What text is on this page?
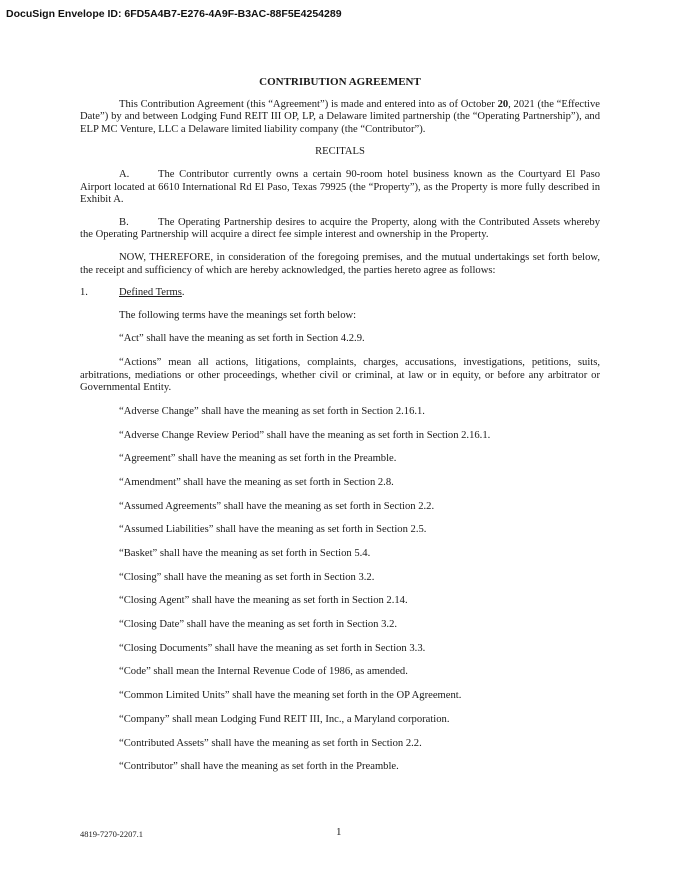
DocuSign Envelope ID: 6FD5A4B7-E276-4A9F-B3AC-88F5E4254289
CONTRIBUTION AGREEMENT

This Contribution Agreement (this “Agreement”) is made and entered into as of October 20, 2021 (the “Effective Date”) by and between Lodging Fund REIT III OP, LP, a Delaware limited partnership (the “Operating Partnership”), and ELP MC Venture, LLC a Delaware limited liability company (the “Contributor”).

RECITALS

A.	The Contributor currently owns a certain 90-room hotel business known as the Courtyard El Paso Airport located at 6610 International Rd El Paso, Texas 79925 (the “Property”), as the Property is more fully described in Exhibit A.

B.	The Operating Partnership desires to acquire the Property, along with the Contributed Assets whereby the Operating Partnership will acquire a direct fee simple interest and ownership in the Property.

NOW, THEREFORE, in consideration of the foregoing premises, and the mutual undertakings set forth below, the receipt and sufficiency of which are hereby acknowledged, the parties hereto agree as follows:

1.	Defined Terms.

The following terms have the meanings set forth below:

“Act” shall have the meaning as set forth in Section 4.2.9.

“Actions” mean all actions, litigations, complaints, charges, accusations, investigations, petitions, suits, arbitrations, mediations or other proceedings, whether civil or criminal, at law or in equity, or before any arbitrator or Governmental Entity.

“Adverse Change” shall have the meaning as set forth in Section 2.16.1.

“Adverse Change Review Period” shall have the meaning as set forth in Section 2.16.1.

“Agreement” shall have the meaning as set forth in the Preamble.

“Amendment” shall have the meaning as set forth in Section 2.8.

“Assumed Agreements” shall have the meaning as set forth in Section 2.2.

“Assumed Liabilities” shall have the meaning as set forth in Section 2.5.

“Basket” shall have the meaning as set forth in Section 5.4.

“Closing” shall have the meaning as set forth in Section 3.2.

“Closing Agent” shall have the meaning as set forth in Section 2.14.

“Closing Date” shall have the meaning as set forth in Section 3.2.

“Closing Documents” shall have the meaning as set forth in Section 3.3.

“Code” shall mean the Internal Revenue Code of 1986, as amended.

“Common Limited Units” shall have the meaning set forth in the OP Agreement.

“Company” shall mean Lodging Fund REIT III, Inc., a Maryland corporation.

“Contributed Assets” shall have the meaning as set forth in Section 2.2.

“Contributor” shall have the meaning as set forth in the Preamble.

4819-7270-2207.1	1
